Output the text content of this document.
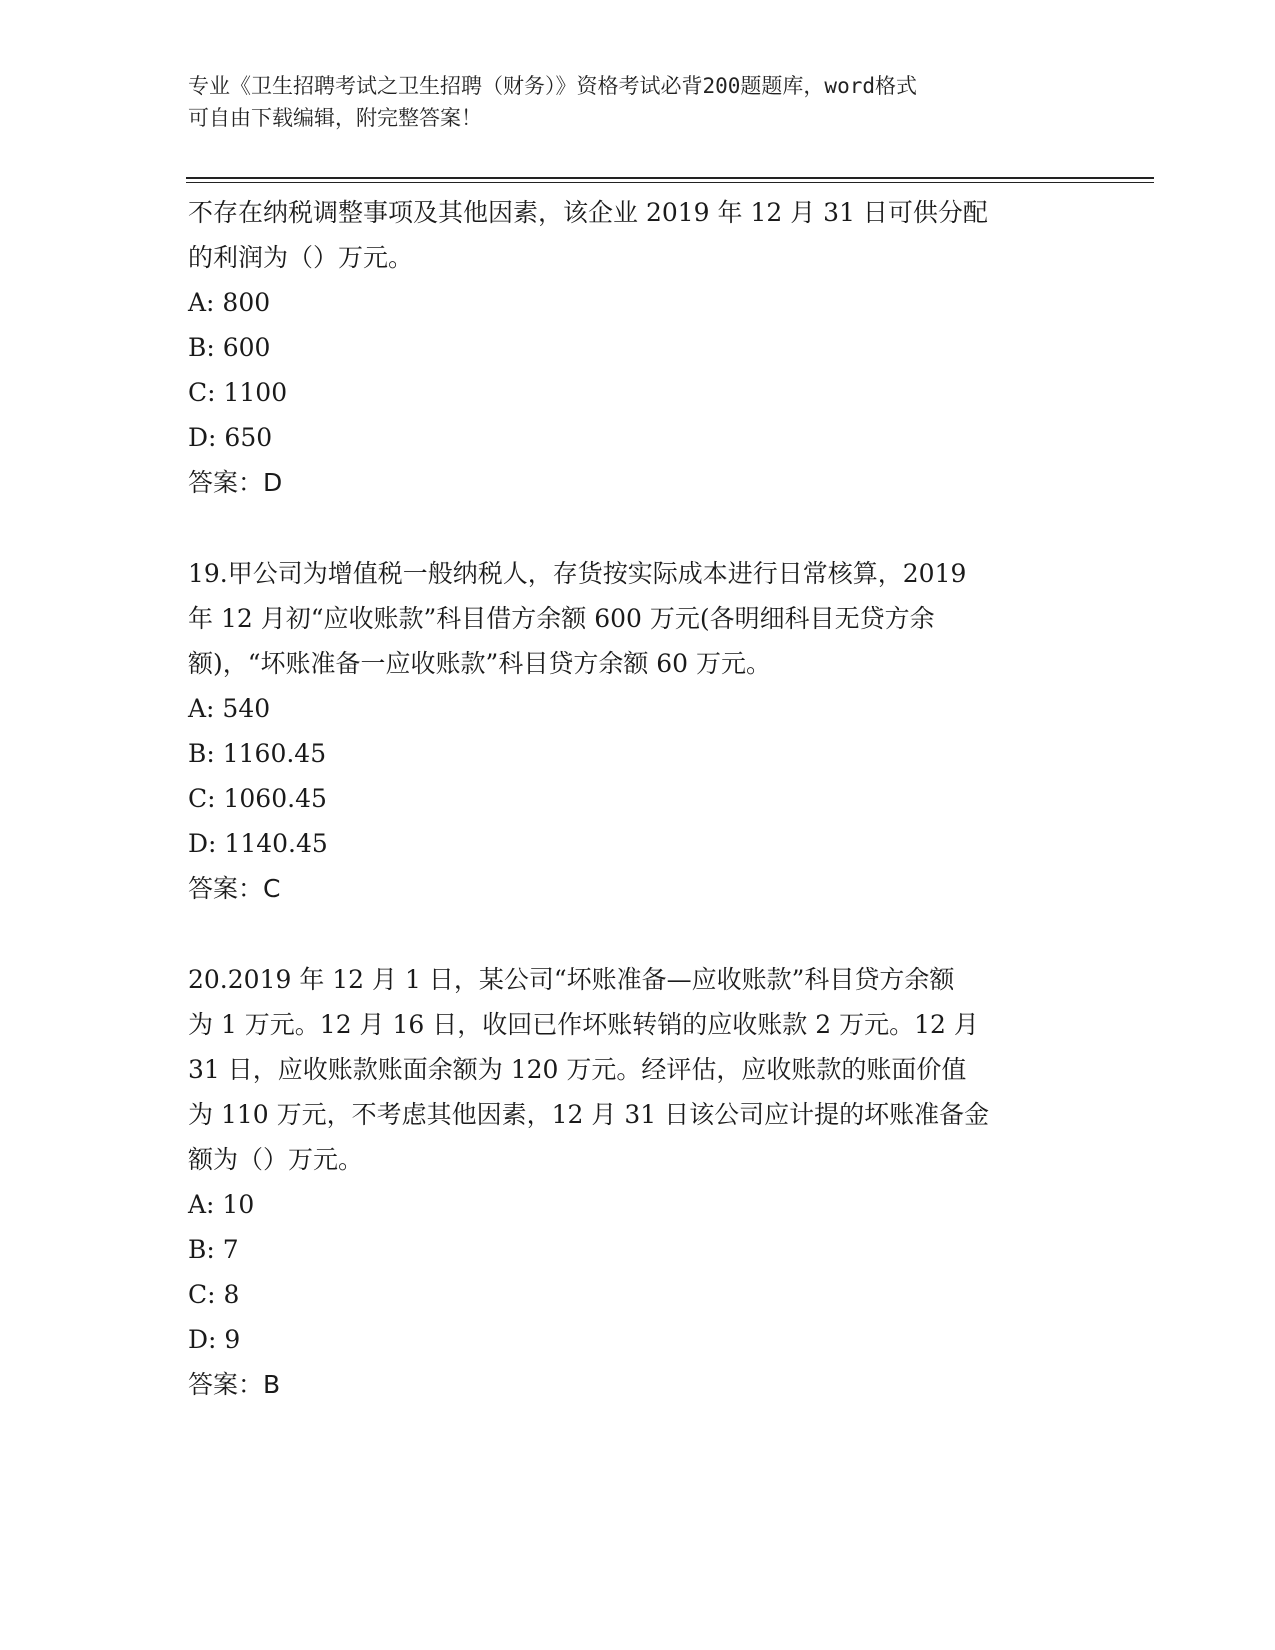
专业《卫生招聘考试之卫生招聘（财务）》资格考试必背200题题库，word格式
可自由下载编辑，附完整答案！
不存在纳税调整事项及其他因素，该企业 2019 年 12 月 31 日可供分配
的利润为（）万元。
A: 800
B: 600
C: 1100
D: 650
答案：D
19.甲公司为增值税一般纳税人，存货按实际成本进行日常核算，2019
年 12 月初“应收账款”科目借方余额 600 万元(各明细科目无贷方余
额)，“坏账准备一应收账款”科目贷方余额 60 万元。
A: 540
B: 1160.45
C: 1060.45
D: 1140.45
答案：C
20.2019 年 12 月 1 日，某公司“坏账准备—应收账款”科目贷方余额
为 1 万元。12 月 16 日，收回已作坏账转销的应收账款 2 万元。12 月
31 日，应收账款账面余额为 120 万元。经评估，应收账款的账面价值
为 110 万元，不考虑其他因素，12 月 31 日该公司应计提的坏账准备金
额为（）万元。
A: 10
B: 7
C: 8
D: 9
答案：B
